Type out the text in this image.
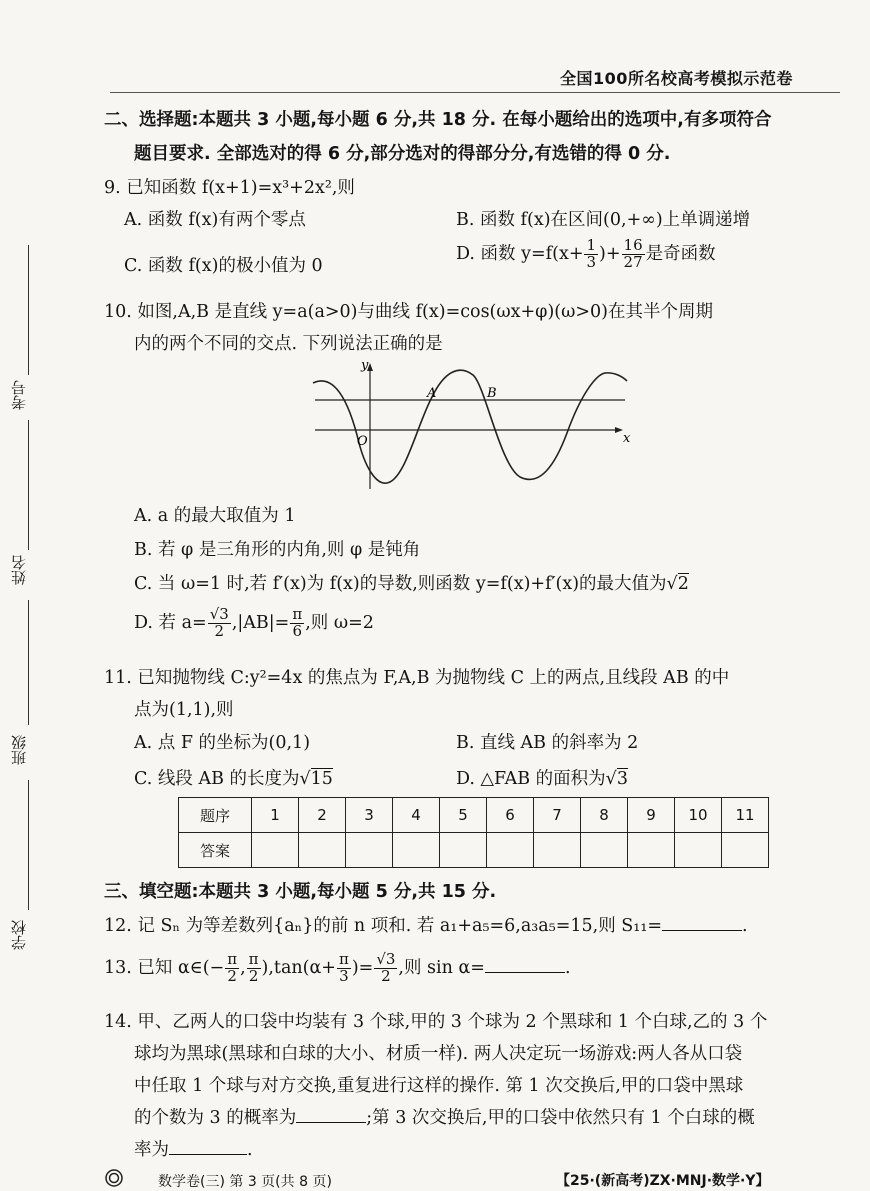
全国100所名校高考模拟示范卷
考号
姓名
班级
学校
二、选择题:本题共 3 小题,每小题 6 分,共 18 分. 在每小题给出的选项中,有多项符合
题目要求. 全部选对的得 6 分,部分选对的得部分分,有选错的得 0 分.
9. 已知函数 f(x+1)=x³+2x²,则
A. 函数 f(x)有两个零点	B. 函数 f(x)在区间(0,+∞)上单调递增
C. 函数 f(x)的极小值为 0
D. 函数 $y=f(x+ \frac{1}{3}$ )+ $\frac{16}{27}$ 是奇函数
10. 如图,A,B 是直线 y=a(a>0)与曲线 f(x)=cos(ωx+φ)(ω>0)在其半个周期
内的两个不同的交点. 下列说法正确的是
y
x
O
A	B
A. a 的最大取值为 1
B. 若 φ 是三角形的内角,则 φ 是钝角
C. 当 ω=1 时,若 f′(x)为 f(x)的导数,则函数 y=f(x)+f′(x)的最大值为√2
D. 若 $a= \frac{√3}{2} ,|AB|= \frac{\pi}{6}$ ,则 ω=2
11. 已知抛物线 C:y²=4x 的焦点为 F,A,B 为抛物线 C 上的两点,且线段 AB 的中
点为(1,1),则
A. 点 F 的坐标为(0,1)	B. 直线 AB 的斜率为 2
C. 线段 AB 的长度为√15	D. △FAB 的面积为√3
题序	1	2	3	4	5	6	7	8	9	10	11
答案											
三、填空题:本题共 3 小题,每小题 5 分,共 15 分.
12. 记 Sₙ 为等差数列{aₙ}的前 n 项和. 若 a₁+a₅=6,a₃a₅=15,则 S₁₁=	.
13. 已知 α∈(− $\frac{\pi}{2}$ , $\frac{\pi}{2} ),\tan(\alpha+ \frac{\pi}{3}$ )= $\frac{√3}{2}$ ,则 sin α=	.
14. 甲、乙两人的口袋中均装有 3 个球,甲的 3 个球为 2 个黑球和 1 个白球,乙的 3 个
球均为黑球(黑球和白球的大小、材质一样). 两人决定玩一场游戏:两人各从口袋
中任取 1 个球与对方交换,重复进行这样的操作. 第 1 次交换后,甲的口袋中黑球
的个数为 3 的概率为	;第 3 次交换后,甲的口袋中依然只有 1 个白球的概
率为	.
数学卷(三) 第 3 页(共 8 页)	【25·(新高考)ZX·MNJ·数学·Y】
